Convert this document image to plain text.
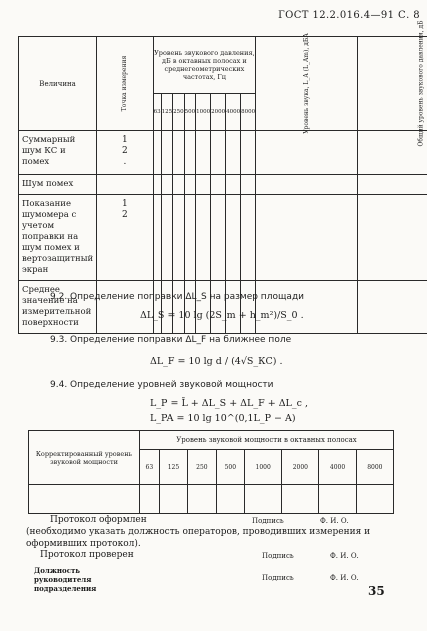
ГОСТ 12.2.016.4—91 С. 8
Величина	Точка измерения	Уровень звукового давления, дБ в октавных полосах и среднегеометрических частотах, Гц								Уровень звука, L_A (L_Am), дБА	Общий уровень звукового давления, дБ

		63	125	250	500	1000	2000	4000	8000		
Суммарный шум КС и помех	1
2
.										
Шум помех											
Показание шумомера с учетом поправки на шум помех и вертозащитный экран	1
2										
Среднее значение на измерительной поверхности											
9.2. Определение поправки ΔL_S на размер площади
ΔL_S = 10 lg (2S_m + h_m²)/S_0 .
9.3. Определение поправки ΔL_F на ближнее поле
ΔL_F = 10 lg d / (4√S_КС) .
9.4. Определение уровней звуковой мощности
L_P = L̄ + ΔL_S + ΔL_F + ΔL_c ,
L_PA = 10 lg 10^(0,1L_P − A)
Корректированный уровень звуковой мощности	Уровень звуковой мощности в октавных полосах							
	63	125	250	500	1000	2000	4000	8000

Протокол оформлен	Подпись	Ф. И. О.
(необходимо указать должность операторов, проводивших измерения и оформивших протокол).
Протокол проверен	Подпись	Ф. И. О.
Должность руководителя подразделения
Подпись	Ф. И. О.
35
